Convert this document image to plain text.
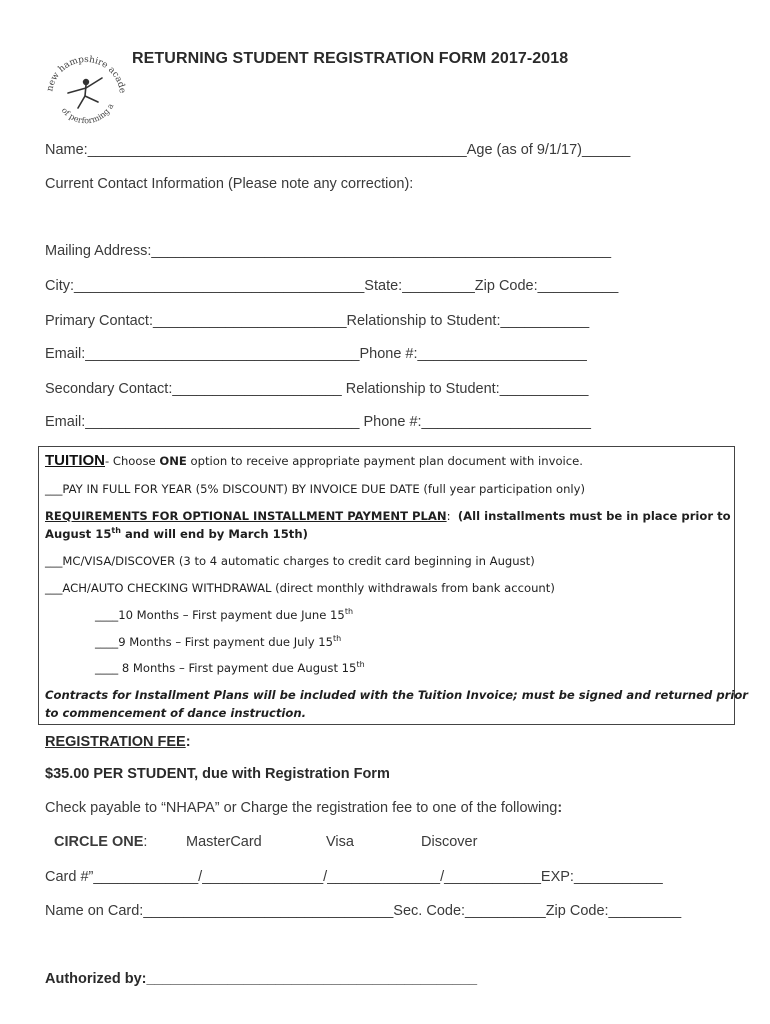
new hampshire acade
of performing a
RETURNING STUDENT REGISTRATION FORM 2017-2018
Name:_______________________________________________Age (as of 9/1/17)______
Current Contact Information (Please note any correction):
Mailing Address:_________________________________________________________
City:____________________________________State:_________Zip Code:__________
Primary Contact:________________________Relationship to Student:___________
Email:__________________________________Phone #:_____________________
Secondary Contact:_____________________ Relationship to Student:___________
Email:__________________________________ Phone #:_____________________
TUITION- Choose ONE option to receive appropriate payment plan document with invoice.
___PAY IN FULL FOR YEAR (5% DISCOUNT) BY INVOICE DUE DATE (full year participation only)
REQUIREMENTS FOR OPTIONAL INSTALLMENT PAYMENT PLAN:  (All installments must be in place prior to
August 15th and will end by March 15th)
___MC/VISA/DISCOVER (3 to 4 automatic charges to credit card beginning in August)
___ACH/AUTO CHECKING WITHDRAWAL (direct monthly withdrawals from bank account)
____10 Months – First payment due June 15th
____9 Months – First payment due July 15th
____ 8 Months – First payment due August 15th
Contracts for Installment Plans will be included with the Tuition Invoice; must be signed and returned prior
to commencement of dance instruction.
REGISTRATION FEE:
$35.00 PER STUDENT, due with Registration Form
Check payable to “NHAPA” or Charge the registration fee to one of the following:
CIRCLE ONE:	MasterCard	Visa	Discover
Card #”_____________/_______________/______________/____________EXP:___________
Name on Card:_______________________________Sec. Code:__________Zip Code:_________
Authorized by:_________________________________________
